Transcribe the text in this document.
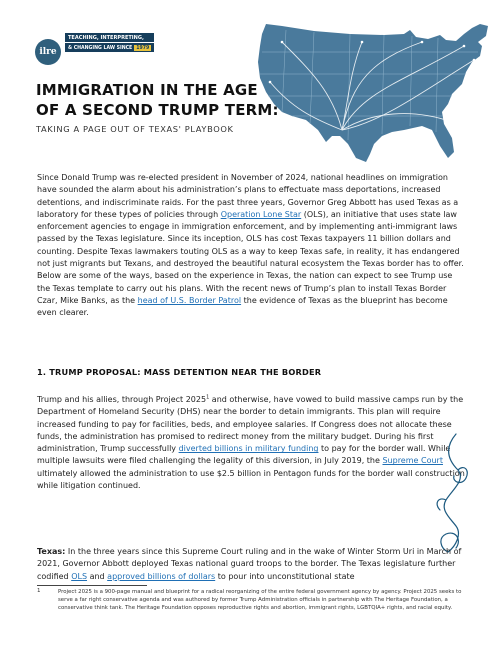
ilre
TEACHING, INTERPRETING,
& CHANGING LAW SINCE 1979
IMMIGRATION IN THE AGE
OF A SECOND TRUMP TERM:

TAKING A PAGE OUT OF TEXAS' PLAYBOOK

Since Donald Trump was re-elected president in November of 2024, national headlines on immigration have sounded the alarm about his administration’s plans to effectuate mass deportations, increased detentions, and indiscriminate raids. For the past three years, Governor Greg Abbott has used Texas as a laboratory for these types of policies through Operation Lone Star (OLS), an initiative that uses state law enforcement agencies to engage in immigration enforcement, and by implementing anti-immigrant laws passed by the Texas legislature. Since its inception, OLS has cost Texas taxpayers 11 billion dollars and counting. Despite Texas lawmakers touting OLS as a way to keep Texas safe, in reality, it has endangered not just migrants but Texans, and destroyed the beautiful natural ecosystem the Texas border has to offer. Below are some of the ways, based on the experience in Texas, the nation can expect to see Trump use the Texas template to carry out his plans. With the recent news of Trump’s plan to install Texas Border Czar, Mike Banks, as the head of U.S. Border Patrol the evidence of Texas as the blueprint has become even clearer.

1. TRUMP PROPOSAL: MASS DETENTION NEAR THE BORDER

Trump and his allies, through Project 2025$^1$ and otherwise, have vowed to build massive camps run by the Department of Homeland Security (DHS) near the border to detain immigrants. This plan will require increased funding to pay for facilities, beds, and employee salaries. If Congress does not allocate these funds, the administration has promised to redirect money from the military budget. During his first administration, Trump successfully diverted billions in military funding to pay for the border wall. While multiple lawsuits were filed challenging the legality of this diversion, in July 2019, the Supreme Court ultimately allowed the administration to use $2.5 billion in Pentagon funds for the border wall construction while litigation continued.

Texas: In the three years since this Supreme Court ruling and in the wake of Winter Storm Uri in March of 2021, Governor Abbott deployed Texas national guard troops to the border. The Texas legislature further codified OLS and approved billions of dollars to pour into unconstitutional state

1	Project 2025 is a 900-page manual and blueprint for a radical reorganizing of the entire federal government agency by agency. Project 2025 seeks to serve a far right conservative agenda and was authored by former Trump Administration officials in partnership with The Heritage Foundation, a conservative think tank. The Heritage Foundation opposes reproductive rights and abortion, immigrant rights, LGBTQIA+ rights, and racial equity.
